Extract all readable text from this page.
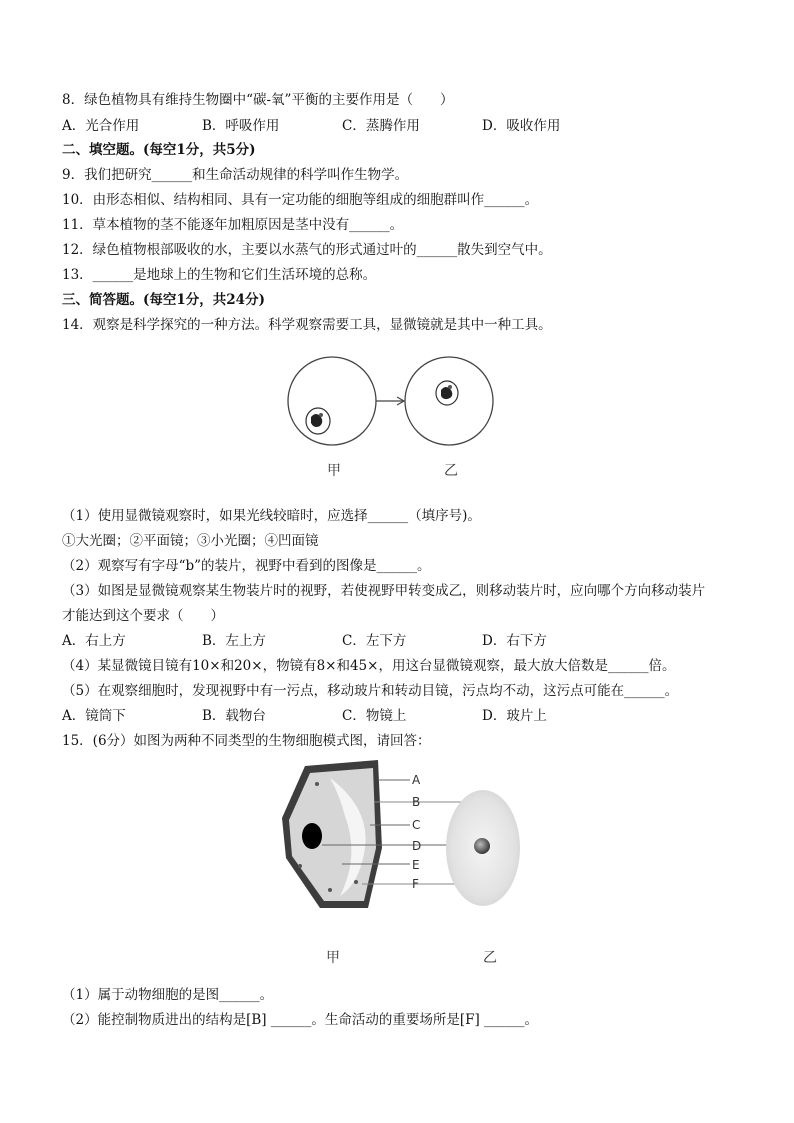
8．绿色植物具有维持生物圈中“碳-氧”平衡的主要作用是（　　）
A．光合作用	B．呼吸作用	C．蒸腾作用	D．吸收作用
二、填空题。(每空1分，共5分)
9．我们把研究______和生命活动规律的科学叫作生物学。
10．由形态相似、结构相同、具有一定功能的细胞等组成的细胞群叫作______。
11．草本植物的茎不能逐年加粗原因是茎中没有______。
12．绿色植物根部吸收的水，主要以水蒸气的形式通过叶的______散失到空气中。
13．______是地球上的生物和它们生活环境的总称。
三、简答题。(每空1分，共24分)
14．观察是科学探究的一种方法。科学观察需要工具，显微镜就是其中一种工具。
甲	乙
（1）使用显微镜观察时，如果光线较暗时，应选择______（填序号)。
①大光圈；②平面镜；③小光圈；④凹面镜
（2）观察写有字母“b”的装片，视野中看到的图像是______。
（3）如图是显微镜观察某生物装片时的视野，若使视野甲转变成乙，则移动装片时，应向哪个方向移动装片
才能达到这个要求（　　）
A．右上方	B．左上方	C．左下方	D．右下方
（4）某显微镜目镜有10×和20×，物镜有8×和45×，用这台显微镜观察，最大放大倍数是______倍。
（5）在观察细胞时，发现视野中有一污点，移动玻片和转动目镜，污点均不动，这污点可能在______。
A．镜筒下	B．载物台	C．物镜上	D．玻片上
15．(6分）如图为两种不同类型的生物细胞模式图，请回答：
A
B
C
D
E
F
甲	乙
（1）属于动物细胞的是图______。
（2）能控制物质进出的结构是[B] ______。生命活动的重要场所是[F] ______。
